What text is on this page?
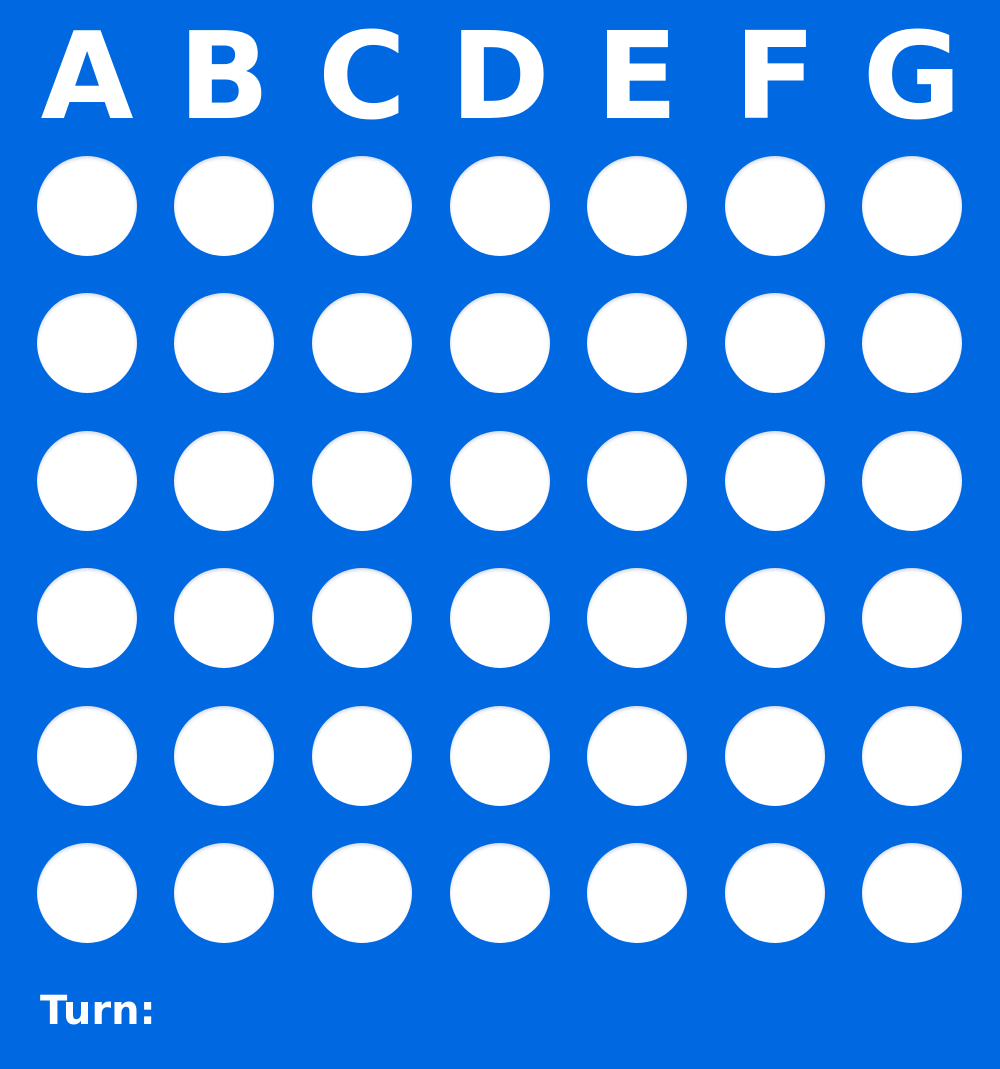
A B C D E F G
Turn:
